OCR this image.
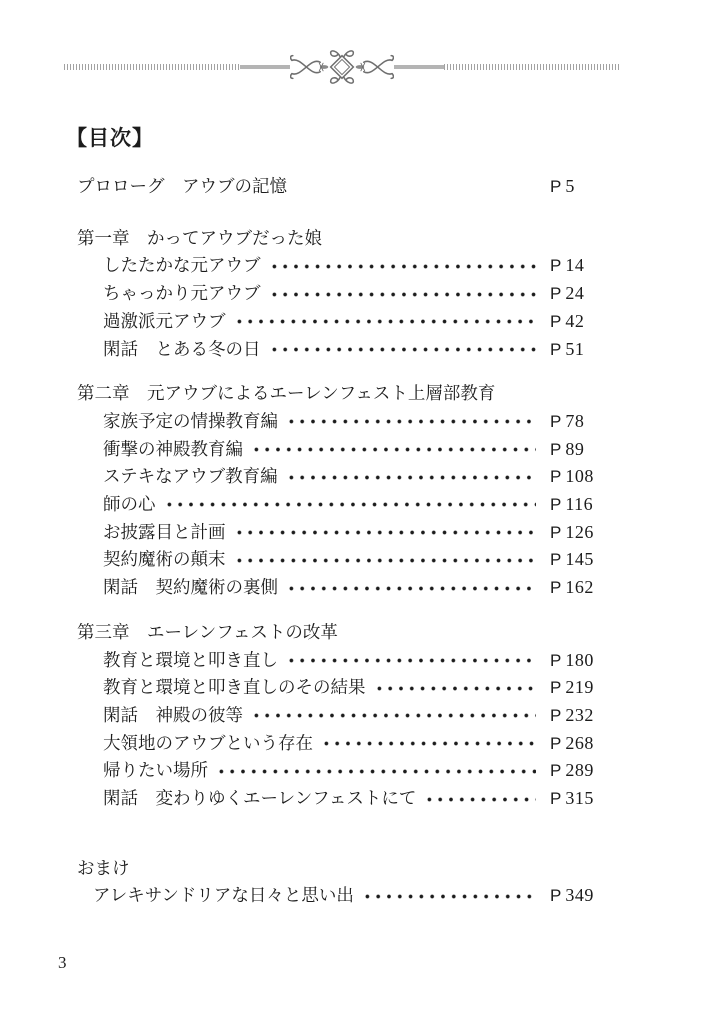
【目次】
プロローグ　アウブの記憶	P 5
第一章　かってアウブだった娘
したたかな元アウブ	P 14
ちゃっかり元アウブ	P 24
過激派元アウブ	P 42
閑話　とある冬の日	P 51
第二章　元アウブによるエーレンフェスト上層部教育
家族予定の情操教育編	P 78
衝撃の神殿教育編	P 89
ステキなアウブ教育編	P 108
師の心	P 116
お披露目と計画	P 126
契約魔術の顛末	P 145
閑話　契約魔術の裏側	P 162
第三章　エーレンフェストの改革
教育と環境と叩き直し	P 180
教育と環境と叩き直しのその結果	P 219
閑話　神殿の彼等	P 232
大領地のアウブという存在	P 268
帰りたい場所	P 289
閑話　変わりゆくエーレンフェストにて	P 315
おまけ
アレキサンドリアな日々と思い出	P 349
3
